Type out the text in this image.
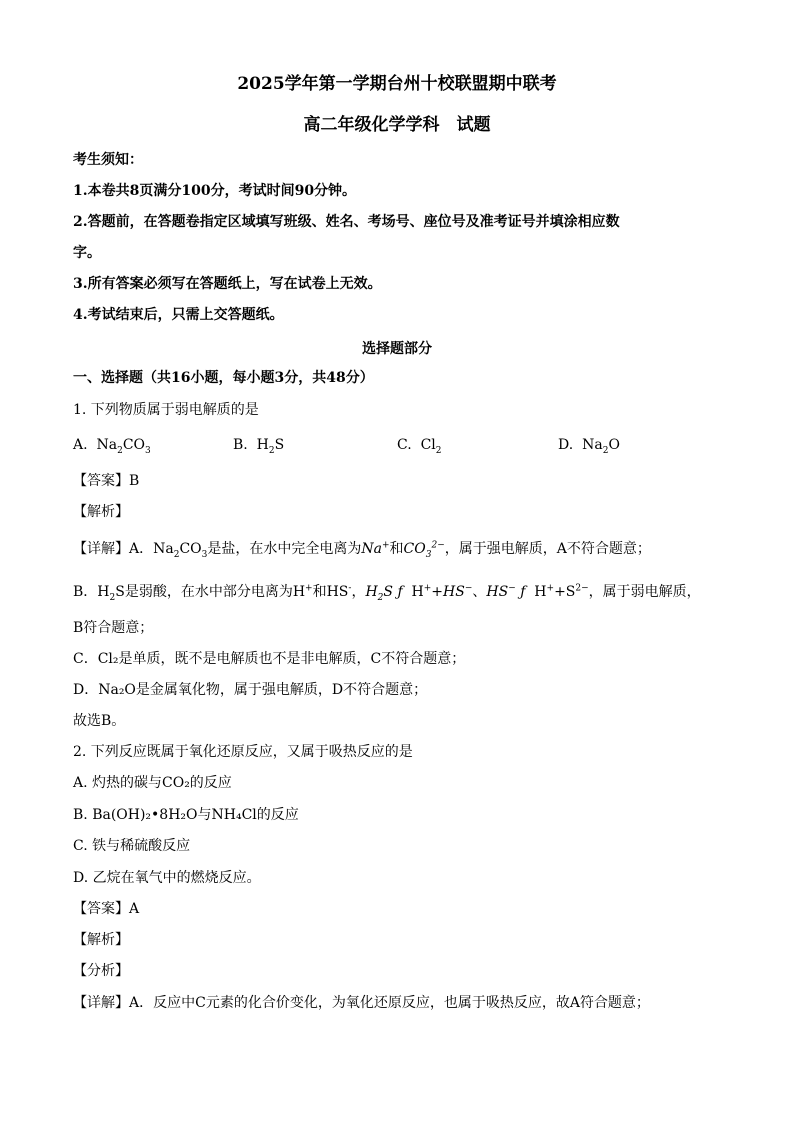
2025学年第一学期台州十校联盟期中联考
高二年级化学学科　试题
考生须知：
1.本卷共8页满分100分，考试时间90分钟。
2.答题前，在答题卷指定区域填写班级、姓名、考场号、座位号及准考证号并填涂相应数
字。
3.所有答案必须写在答题纸上，写在试卷上无效。
4.考试结束后，只需上交答题纸。
选择题部分
一、选择题（共16小题，每小题3分，共48分）
1. 下列物质属于弱电解质的是
A. $Na_2CO_3$	B. $H_2S$	C. $Cl_2$	D. $Na_2O$
【答案】B
【解析】
【详解】A．$Na_2CO_3$是盐，在水中完全电离为Na+和$CO_3^{2-}$，属于强电解质，A不符合题意；
B．$H_2S$是弱酸，在水中部分电离为H+和HS-，$H_2S$ ƒ  H++HS−、HS− ƒ  $H^++S^{2-}$，属于弱电解质，
B符合题意；
C．Cl₂是单质，既不是电解质也不是非电解质，C不符合题意；
D．Na₂O是金属氧化物，属于强电解质，D不符合题意；
故选B。
2. 下列反应既属于氧化还原反应，又属于吸热反应的是
A. 灼热的碳与CO₂的反应
B. Ba(OH)₂•8H₂O与NH₄Cl的反应
C. 铁与稀硫酸反应
D. 乙烷在氧气中的燃烧反应。
【答案】A
【解析】
【分析】
【详解】A．反应中C元素的化合价变化，为氧化还原反应，也属于吸热反应，故A符合题意；
